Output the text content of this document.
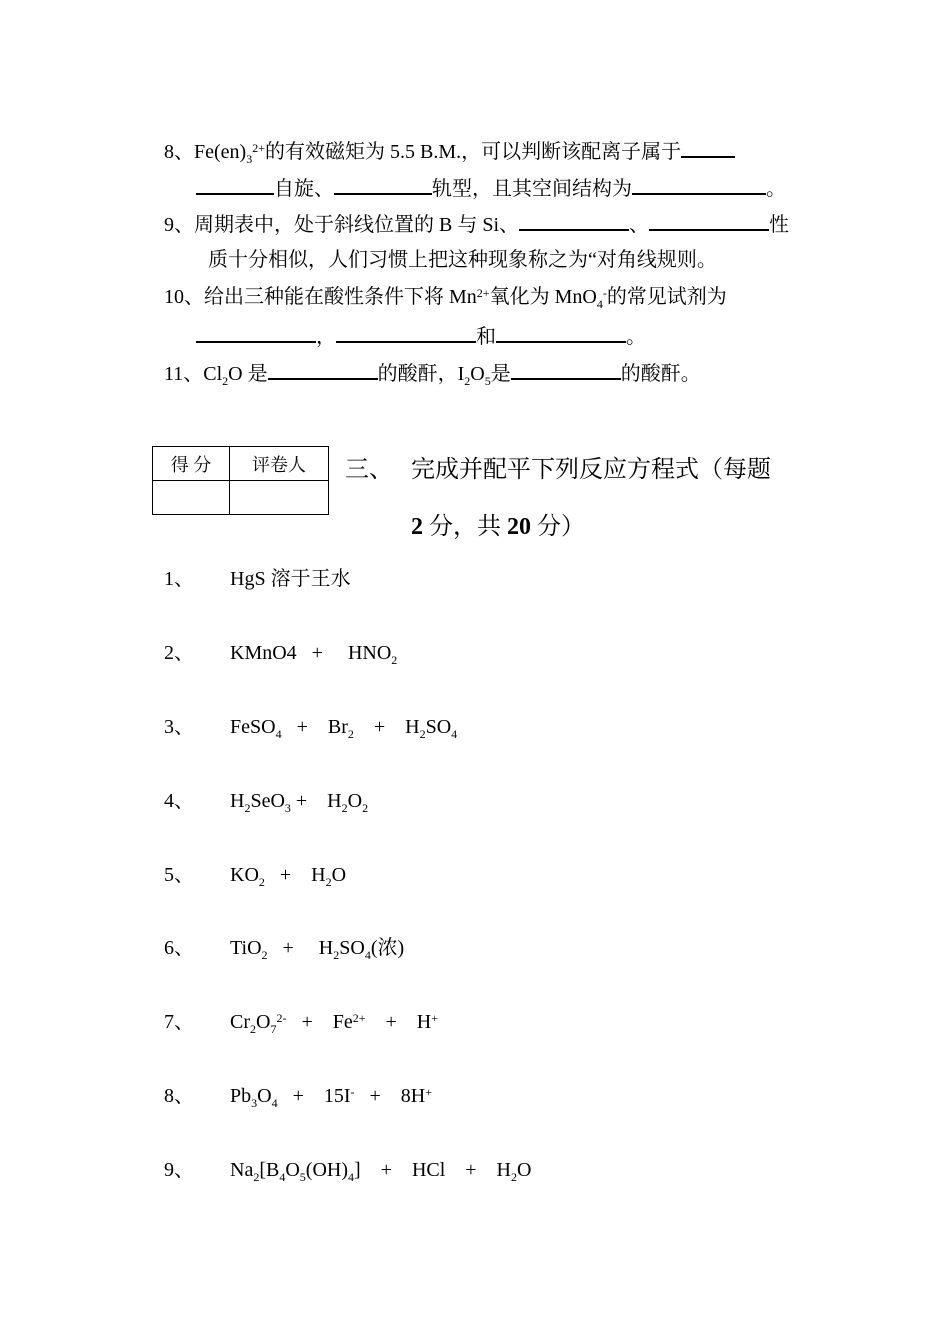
8、$Fe(en)_3^{2+}$的有效磁矩为 5.5 B.M.，可以判断该配离子属于
自旋、	轨型，且其空间结构为	。
9、周期表中，处于斜线位置的 B 与 Si、	、	性
质十分相似，人们习惯上把这种现象称之为“对角线规则。
10、给出三种能在酸性条件下将 $Mn^{2+}$氧化为 MnO$_4$-的常见试剂为
，	和	。
11、$Cl_2O$ 是	的酸酐，$I_2O_5$是	的酸酐。
得 分	评卷人
	三、 完成并配平下列反应方程式（每题
2 分，共 20 分）
1、 HgS 溶于王水
2、 KMnO4   +     $HNO_2$
3、 FeSO$_4$   +    $Br_2$    +    $H_2SO_4$
4、 $H_2SeO_3$ +    $H_2O_2$
5、 $KO_2$   +    $H_2O$
6、 TiO$_2$   +     $H_2SO_4$(浓)
7、 $Cr_2O_7^{2-}$   +    $Fe^{2+}$    +    H+
8、 $Pb_3O_4$   +    15I-   +    8H+
9、 $Na_2[B_4O_5(OH)_4]$    +    HCl    +    $H_2O$
